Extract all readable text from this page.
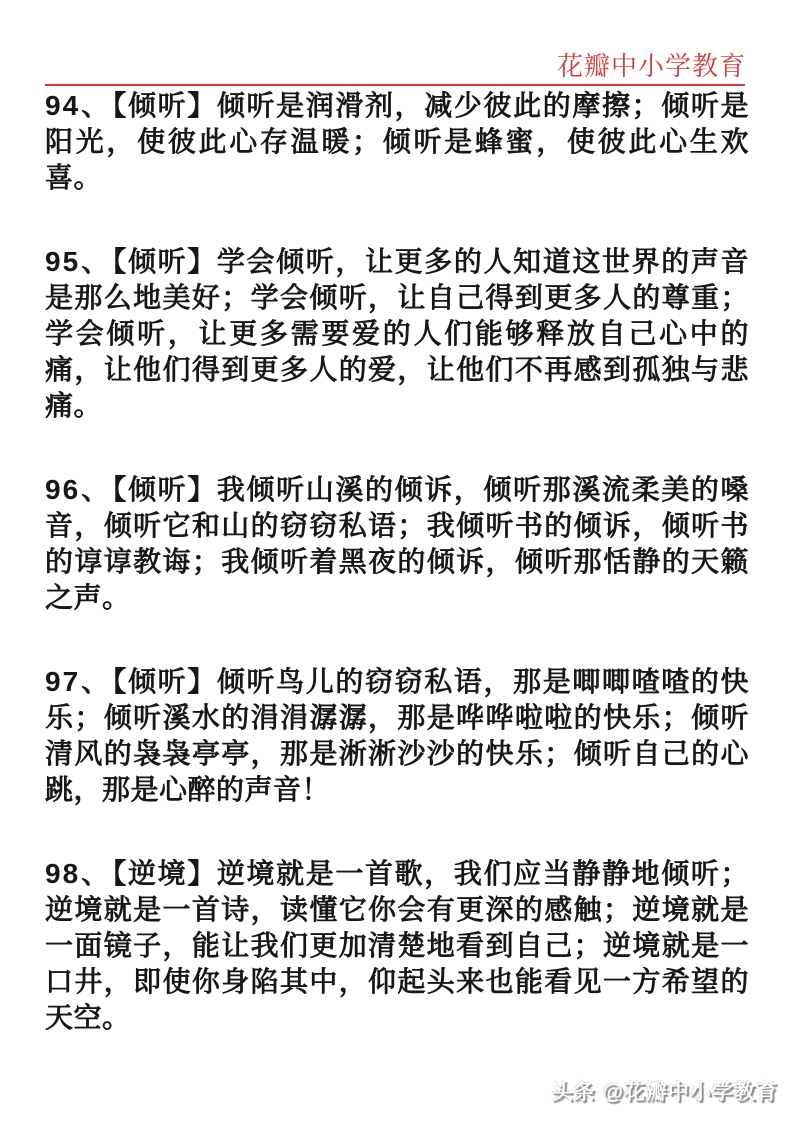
花瓣中小学教育

94、【倾听】倾听是润滑剂，减少彼此的摩擦；倾听是阳光，使彼此心存温暖；倾听是蜂蜜，使彼此心生欢喜。

95、【倾听】学会倾听，让更多的人知道这世界的声音是那么地美好；学会倾听，让自己得到更多人的尊重；学会倾听，让更多需要爱的人们能够释放自己心中的痛，让他们得到更多人的爱，让他们不再感到孤独与悲痛。

96、【倾听】我倾听山溪的倾诉，倾听那溪流柔美的嗓音，倾听它和山的窃窃私语；我倾听书的倾诉，倾听书的谆谆教诲；我倾听着黑夜的倾诉，倾听那恬静的天籁之声。

97、【倾听】倾听鸟儿的窃窃私语，那是唧唧喳喳的快乐；倾听溪水的涓涓潺潺，那是哗哗啦啦的快乐；倾听清风的袅袅亭亭，那是淅淅沙沙的快乐；倾听自己的心跳，那是心醉的声音！

98、【逆境】逆境就是一首歌，我们应当静静地倾听；逆境就是一首诗，读懂它你会有更深的感触；逆境就是一面镜子，能让我们更加清楚地看到自己；逆境就是一口井，即使你身陷其中，仰起头来也能看见一方希望的天空。

头条 @花瓣中小学教育
